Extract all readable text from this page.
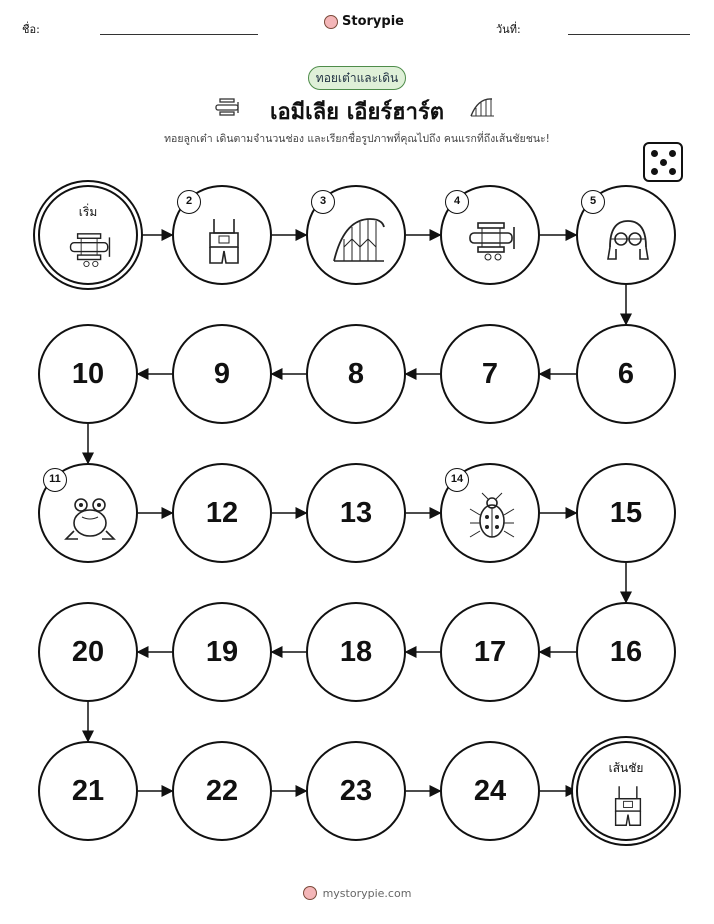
ชื่อ:
Storypie
วันที่:
ทอยเต๋าและเดิน
เอมีเลีย เอียร์ฮาร์ต
ทอยลูกเต๋า เดินตามจำนวนช่อง และเรียกชื่อรูปภาพที่คุณไปถึง คนแรกที่ถึงเส้นชัยชนะ!
เริ่ม
2	3	4	5
6
7
8
9
10
11
12	13
14
15
16
17
18
19
20
21	22	23	24
เส้นชัย
mystorypie.com
